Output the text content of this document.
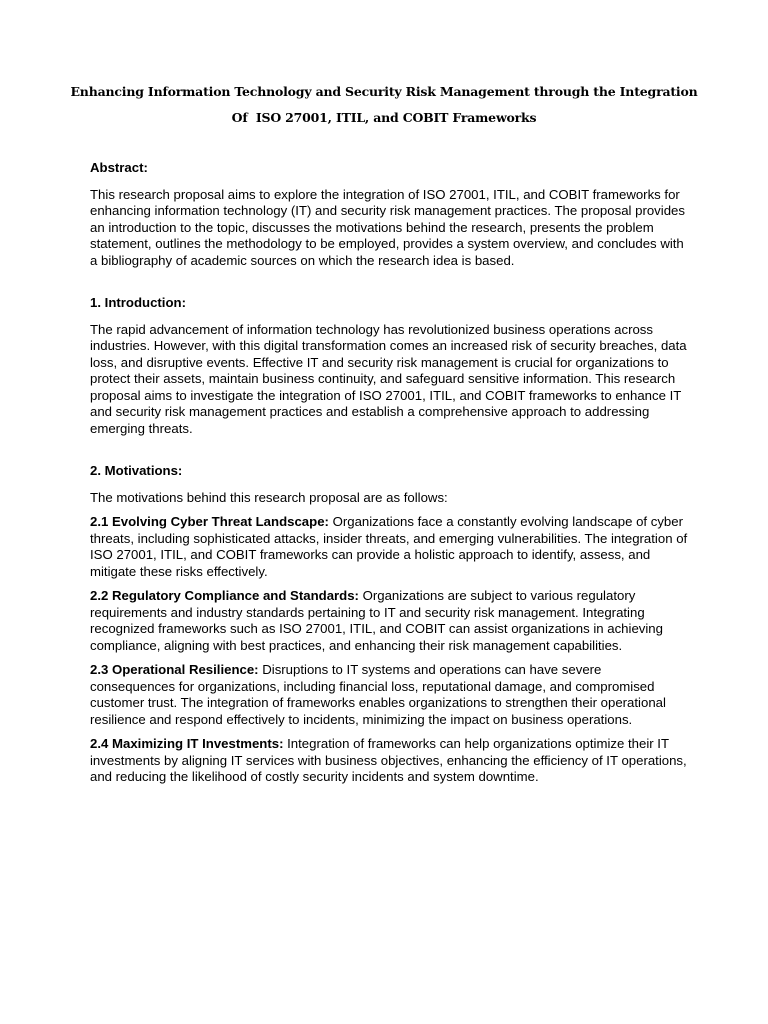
Enhancing Information Technology and Security Risk Management through the Integration
Of  ISO 27001, ITIL, and COBIT Frameworks

Abstract:

This research proposal aims to explore the integration of ISO 27001, ITIL, and COBIT frameworks for enhancing information technology (IT) and security risk management practices. The proposal provides an introduction to the topic, discusses the motivations behind the research, presents the problem statement, outlines the methodology to be employed, provides a system overview, and concludes with a bibliography of academic sources on which the research idea is based.

1. Introduction:

The rapid advancement of information technology has revolutionized business operations across industries. However, with this digital transformation comes an increased risk of security breaches, data loss, and disruptive events. Effective IT and security risk management is crucial for organizations to protect their assets, maintain business continuity, and safeguard sensitive information. This research proposal aims to investigate the integration of ISO 27001, ITIL, and COBIT frameworks to enhance IT and security risk management practices and establish a comprehensive approach to addressing emerging threats.

2. Motivations:

The motivations behind this research proposal are as follows:

2.1 Evolving Cyber Threat Landscape: Organizations face a constantly evolving landscape of cyber threats, including sophisticated attacks, insider threats, and emerging vulnerabilities. The integration of ISO 27001, ITIL, and COBIT frameworks can provide a holistic approach to identify, assess, and mitigate these risks effectively.

2.2 Regulatory Compliance and Standards: Organizations are subject to various regulatory requirements and industry standards pertaining to IT and security risk management. Integrating recognized frameworks such as ISO 27001, ITIL, and COBIT can assist organizations in achieving compliance, aligning with best practices, and enhancing their risk management capabilities.

2.3 Operational Resilience: Disruptions to IT systems and operations can have severe consequences for organizations, including financial loss, reputational damage, and compromised customer trust. The integration of frameworks enables organizations to strengthen their operational resilience and respond effectively to incidents, minimizing the impact on business operations.

2.4 Maximizing IT Investments: Integration of frameworks can help organizations optimize their IT investments by aligning IT services with business objectives, enhancing the efficiency of IT operations, and reducing the likelihood of costly security incidents and system downtime.
